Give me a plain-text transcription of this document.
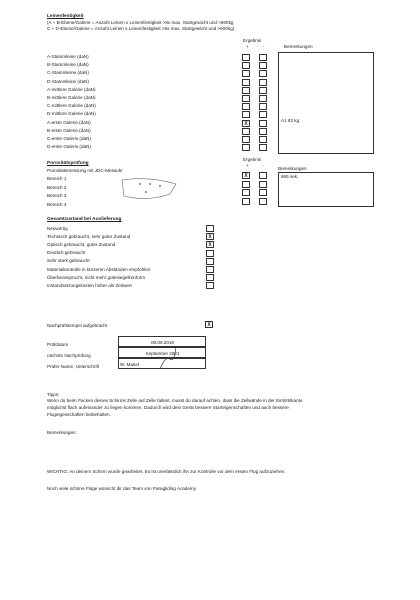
Leinenfestigkeit
(A + B-Ebene/Galerie = Anzahl Leinen x Leinenfestigkeit >8x max. Startgewicht und >800kg
C + D-Ebene/Galerie = Anzahl Leinen x Leinenfestigkeit >6x max. Startgewicht und >600kg)
Ergebnis
+	-	Bemerkungen
A-Stammleine (daN)
B-Stammleine (daN)
C-Stammleine (daN)
D-Stammleine (daN)
A-mittlere Galerie (daN)
B-mittlere Galerie (daN)
C-mittlere Galerie (daN)
D-mittlere Galerie (daN)
A-erste Galerie (daN)	X
B-erste Galerie (daN)
C-erste Galerie (daN)
D-erste Galerie (daN)
A1 82 kg
Porositätsprüfung
Porositätsmessung mit JDC-Messuhr
Ergebnis
+	-
Bemerkungen
Bereich 1	X
Bereich 2
Bereich 3
Bereich 4
865 sek.
Gesamtzustand bei Auslieferung
Neuwertig
Technisch gebraucht, sehr guter Zustand	X
Optisch gebraucht, guter Zustand	X
Deutlich gebraucht
Sehr stark gebraucht
Materialkontrolle in kürzeren Abständen empfohlen
Überbeansprucht, nicht mehr gütesiegelkonform
Instandsetzungskosten höher als Zeitwert
Nachprüfstempel aufgebracht	X
Prüfdatum	09.09.2019
nächste Nachprüfung	September 2021
Prüfer Name, Unterschrift	W. Maset
Tipps:
Wenn du beim Packen deines Schirms Zelle auf Zelle faltest, musst du darauf achten, dass die Zellwände in der Eintrittskante
möglichst flach aufeinander zu liegen kommen. Dadurch wird dein Gerät bessere Starteigenschaften und auch bessere
Flugeigenschaften beibehalten.
Bemerkungen:
WICHTIG: An deinem Schirm wurde gearbeitet. Es ist unerlässlich ihn zur Kontrolle vor dem ersten Flug aufzuziehen.
Noch viele schöne Flüge wünscht dir das Team von Paragliding Academy
